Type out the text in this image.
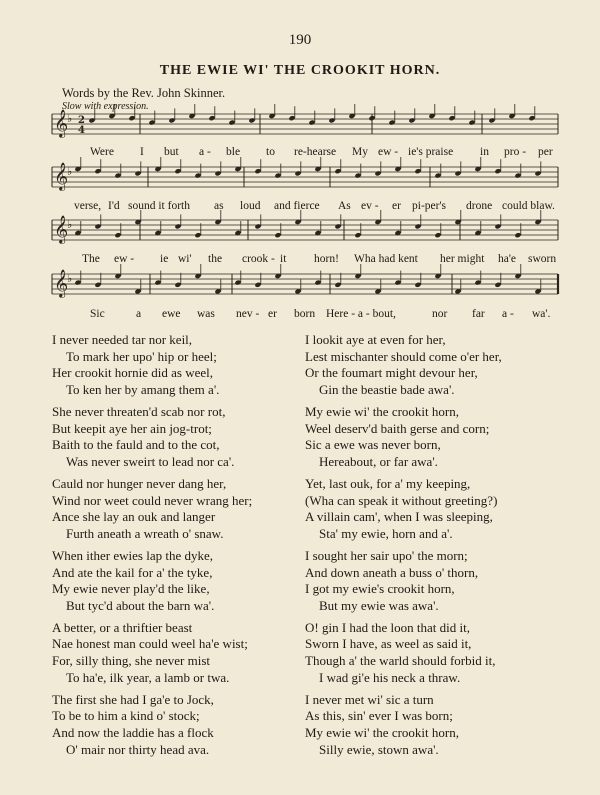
190
THE EWIE WI' THE CROOKIT HORN.
Words by the Rev. John Skinner.
Slow with expression.
𝄞
♭ 2
4
𝄞
♭
𝄞
♭
𝄞
♭
Were I but a - ble to re-hearse My ew - ie's praise in pro - per
verse, I'd sound it forth as loud and fierce As ev - er pi-per's drone could blaw.
The ew - ie wi' the crook - it horn! Wha had kent her might ha'e sworn
Sic	a ewe was nev - er born Here - a - bout,	nor far a - wa'.
I never needed tar nor keil,
To mark her upo' hip or heel;
Her crookit hornie did as weel,
To ken her by amang them a'.
She never threaten'd scab nor rot,
But keepit aye her ain jog-trot;
Baith to the fauld and to the cot,
Was never sweirt to lead nor ca'.
Cauld nor hunger never dang her,
Wind nor weet could never wrang her;
Ance she lay an ouk and langer
Furth aneath a wreath o' snaw.
When ither ewies lap the dyke,
And ate the kail for a' the tyke,
My ewie never play'd the like,
But tyc'd about the barn wa'.
A better, or a thriftier beast
Nae honest man could weel ha'e wist;
For, silly thing, she never mist
To ha'e, ilk year, a lamb or twa.
The first she had I ga'e to Jock,
To be to him a kind o' stock;
And now the laddie has a flock
O' mair nor thirty head ava.
I lookit aye at even for her,
Lest mischanter should come o'er her,
Or the foumart might devour her,
Gin the beastie bade awa'.
My ewie wi' the crookit horn,
Weel deserv'd baith gerse and corn;
Sic a ewe was never born,
Hereabout, or far awa'.
Yet, last ouk, for a' my keeping,
(Wha can speak it without greeting?)
A villain cam', when I was sleeping,
Sta' my ewie, horn and a'.
I sought her sair upo' the morn;
And down aneath a buss o' thorn,
I got my ewie's crookit horn,
But my ewie was awa'.
O! gin I had the loon that did it,
Sworn I have, as weel as said it,
Though a' the warld should forbid it,
I wad gi'e his neck a thraw.
I never met wi' sic a turn
As this, sin' ever I was born;
My ewie wi' the crookit horn,
Silly ewie, stown awa'.
